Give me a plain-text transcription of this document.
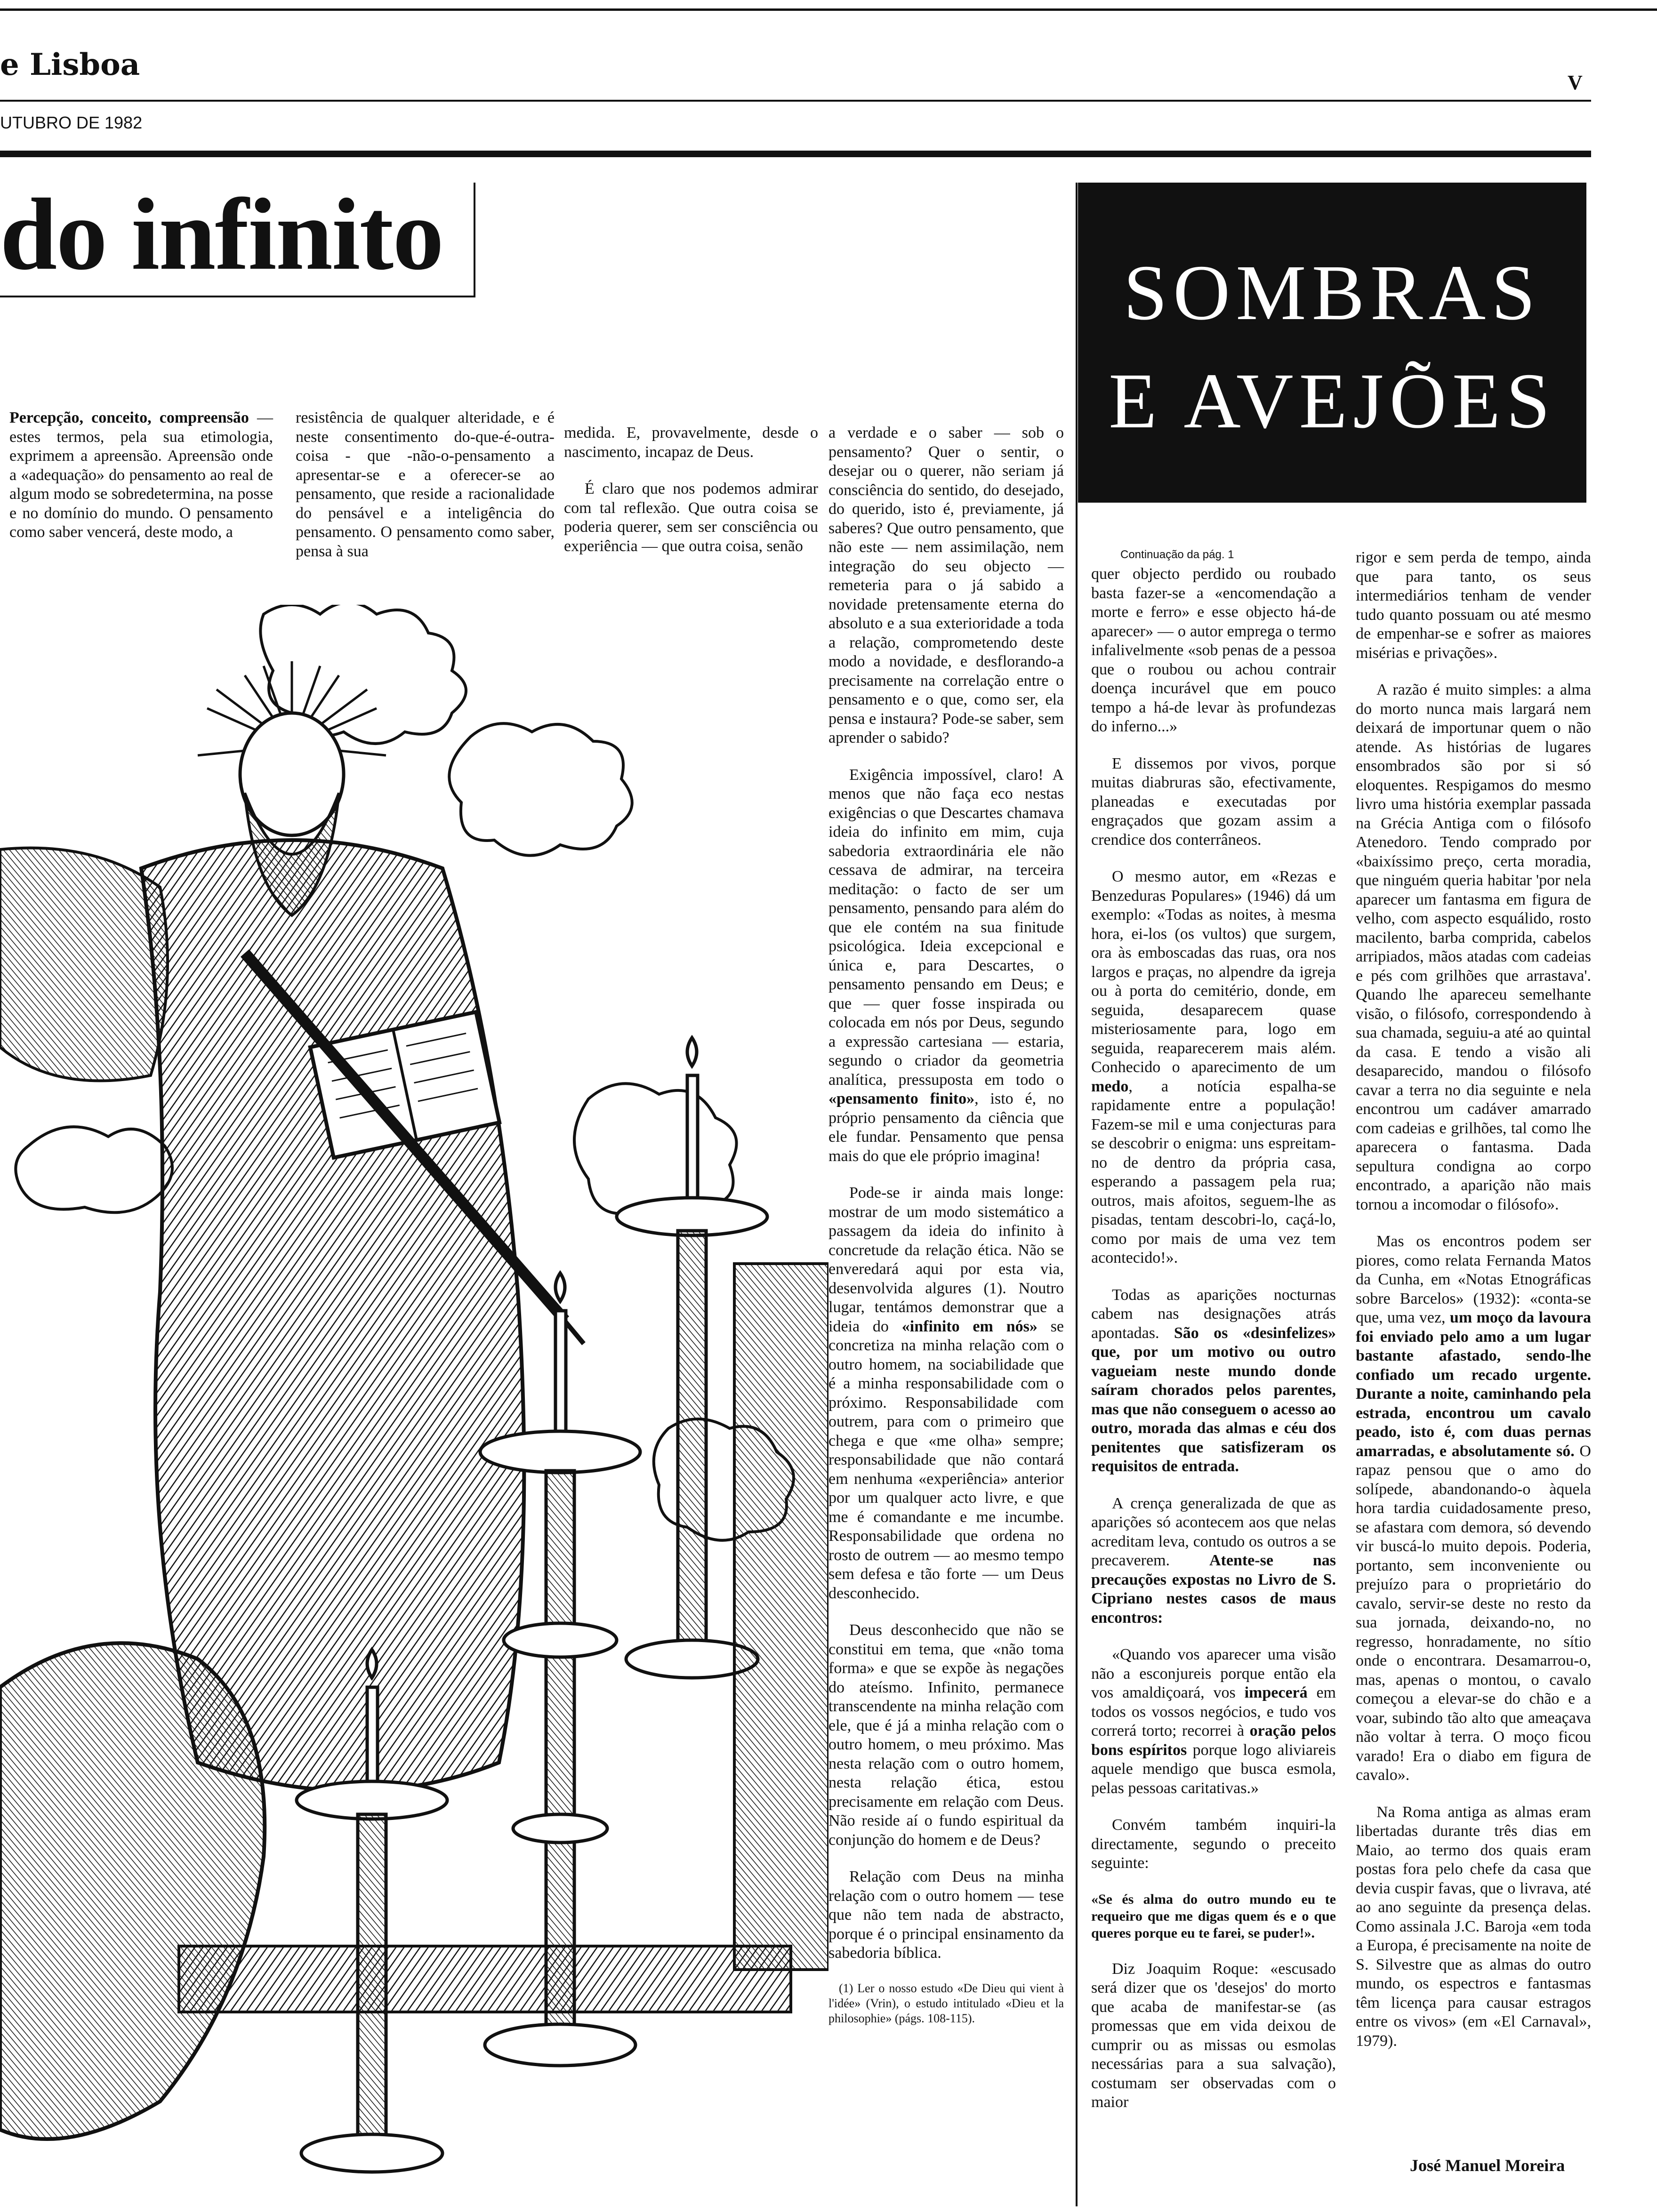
e Lisboa
V
UTUBRO DE 1982
do infinito

Percepção, conceito, compreensão — estes termos, pela sua etimologia, exprimem a apreensão. Apreensão onde a «adequação» do pensamento ao real de algum modo se sobredetermina, na posse e no domínio do mundo. O pensamento como saber vencerá, deste modo, a

resistência de qualquer alteridade, e é neste consentimento do-que-é-outra-coisa - que -não-o-pensamento a apresentar-se e a oferecer-se ao pensamento, que reside a racionalidade do pensável e a inteligência do pensamento. O pensamento como saber, pensa à sua

medida. E, provavelmente, desde o nascimento, incapaz de Deus.

É claro que nos podemos admirar com tal reflexão. Que outra coisa se poderia querer, sem ser consciência ou experiência — que outra coisa, senão

a verdade e o saber — sob o pensamento? Quer o sentir, o desejar ou o querer, não seriam já consciência do sentido, do desejado, do querido, isto é, previamente, já saberes? Que outro pensamento, que não este — nem assimilação, nem integração do seu objecto — remeteria para o já sabido a novidade pretensamente eterna do absoluto e a sua exterioridade a toda a relação, comprometendo deste modo a novidade, e desflorando-a precisamente na correlação entre o pensamento e o que, como ser, ela pensa e instaura? Pode-se saber, sem aprender o sabido?

Exigência impossível, claro! A menos que não faça eco nestas exigências o que Descartes chamava ideia do infinito em mim, cuja sabedoria extraordinária ele não cessava de admirar, na terceira meditação: o facto de ser um pensamento, pensando para além do que ele contém na sua finitude psicológica. Ideia excepcional e única e, para Descartes, o pensamento pensando em Deus; e que — quer fosse inspirada ou colocada em nós por Deus, segundo a expressão cartesiana — estaria, segundo o criador da geometria analítica, pressuposta em todo o «pensamento finito», isto é, no próprio pensamento da ciência que ele fundar. Pensamento que pensa mais do que ele próprio imagina!

Pode-se ir ainda mais longe: mostrar de um modo sistemático a passagem da ideia do infinito à concretude da relação ética. Não se enveredará aqui por esta via, desenvolvida algures (1). Noutro lugar, tentámos demonstrar que a ideia do «infinito em nós» se concretiza na minha relação com o outro homem, na sociabilidade que é a minha responsabilidade com o próximo. Responsabilidade com outrem, para com o primeiro que chega e que «me olha» sempre; responsabilidade que não contará em nenhuma «experiência» anterior por um qualquer acto livre, e que me é comandante e me incumbe. Responsabilidade que ordena no rosto de outrem — ao mesmo tempo sem defesa e tão forte — um Deus desconhecido.

Deus desconhecido que não se constitui em tema, que «não toma forma» e que se expõe às negações do ateísmo. Infinito, permanece transcendente na minha relação com ele, que é já a minha relação com o outro homem, o meu próximo. Mas nesta relação com o outro homem, nesta relação ética, estou precisamente em relação com Deus. Não reside aí o fundo espiritual da conjunção do homem e de Deus?

Relação com Deus na minha relação com o outro homem — tese que não tem nada de abstracto, porque é o principal ensinamento da sabedoria bíblica.

(1) Ler o nosso estudo «De Dieu qui vient à l'idée» (Vrin), o estudo intitulado «Dieu et la philosophie» (págs. 108-115).

SOMBRAS
E AVEJÕES
Continuação da pág. 1

quer objecto perdido ou roubado basta fazer-se a «encomendação a morte e ferro» e esse objecto há-de aparecer» — o autor emprega o termo infalivelmente «sob penas de a pessoa que o roubou ou achou contrair doença incurável que em pouco tempo a há-de levar às profundezas do inferno...»

E dissemos por vivos, porque muitas diabruras são, efectivamente, planeadas e executadas por engraçados que gozam assim a crendice dos conterrâneos.

O mesmo autor, em «Rezas e Benzeduras Populares» (1946) dá um exemplo: «Todas as noites, à mesma hora, ei-los (os vultos) que surgem, ora às emboscadas das ruas, ora nos largos e praças, no alpendre da igreja ou à porta do cemitério, donde, em seguida, desaparecem quase misteriosamente para, logo em seguida, reaparecerem mais além. Conhecido o aparecimento de um medo, a notícia espalha-se rapidamente entre a população! Fazem-se mil e uma conjecturas para se descobrir o enigma: uns espreitam-no de dentro da própria casa, esperando a passagem pela rua; outros, mais afoitos, seguem-lhe as pisadas, tentam descobri-lo, caçá-lo, como por mais de uma vez tem acontecido!».

Todas as aparições nocturnas cabem nas designações atrás apontadas. São os «desinfelizes» que, por um motivo ou outro vagueiam neste mundo donde saíram chorados pelos parentes, mas que não conseguem o acesso ao outro, morada das almas e céu dos penitentes que satisfizeram os requisitos de entrada.

A crença generalizada de que as aparições só acontecem aos que nelas acreditam leva, contudo os outros a se precaverem. Atente-se nas precauções expostas no Livro de S. Cipriano nestes casos de maus encontros:

«Quando vos aparecer uma visão não a esconjureis porque então ela vos amaldiçoará, vos impecerá em todos os vossos negócios, e tudo vos correrá torto; recorrei à oração pelos bons espíritos porque logo aliviareis aquele mendigo que busca esmola, pelas pessoas caritativas.»

Convém também inquiri-la directamente, segundo o preceito seguinte:

«Se és alma do outro mundo eu te requeiro que me digas quem és e o que queres porque eu te farei, se puder!».

Diz Joaquim Roque: «escusado será dizer que os 'desejos' do morto que acaba de manifestar-se (as promessas que em vida deixou de cumprir ou as missas ou esmolas necessárias para a sua salvação), costumam ser observadas com o maior

rigor e sem perda de tempo, ainda que para tanto, os seus intermediários tenham de vender tudo quanto possuam ou até mesmo de empenhar-se e sofrer as maiores misérias e privações».

A razão é muito simples: a alma do morto nunca mais largará nem deixará de importunar quem o não atende. As histórias de lugares ensombrados são por si só eloquentes. Respigamos do mesmo livro uma história exemplar passada na Grécia Antiga com o filósofo Atenedoro. Tendo comprado por «baixíssimo preço, certa moradia, que ninguém queria habitar 'por nela aparecer um fantasma em figura de velho, com aspecto esquálido, rosto macilento, barba comprida, cabelos arripiados, mãos atadas com cadeias e pés com grilhões que arrastava'. Quando lhe apareceu semelhante visão, o filósofo, correspondendo à sua chamada, seguiu-a até ao quintal da casa. E tendo a visão ali desaparecido, mandou o filósofo cavar a terra no dia seguinte e nela encontrou um cadáver amarrado com cadeias e grilhões, tal como lhe aparecera o fantasma. Dada sepultura condigna ao corpo encontrado, a aparição não mais tornou a incomodar o filósofo».

Mas os encontros podem ser piores, como relata Fernanda Matos da Cunha, em «Notas Etnográficas sobre Barcelos» (1932): «conta-se que, uma vez, um moço da lavoura foi enviado pelo amo a um lugar bastante afastado, sendo-lhe confiado um recado urgente. Durante a noite, caminhando pela estrada, encontrou um cavalo peado, isto é, com duas pernas amarradas, e absolutamente só. O rapaz pensou que o amo do solípede, abandonando-o àquela hora tardia cuidadosamente preso, se afastara com demora, só devendo vir buscá-lo muito depois. Poderia, portanto, sem inconveniente ou prejuízo para o proprietário do cavalo, servir-se deste no resto da sua jornada, deixando-no, no regresso, honradamente, no sítio onde o encontrara. Desamarrou-o, mas, apenas o montou, o cavalo começou a elevar-se do chão e a voar, subindo tão alto que ameaçava não voltar à terra. O moço ficou varado! Era o diabo em figura de cavalo».

Na Roma antiga as almas eram libertadas durante três dias em Maio, ao termo dos quais eram postas fora pelo chefe da casa que devia cuspir favas, que o livrava, até ao ano seguinte da presença delas. Como assinala J.C. Baroja «em toda a Europa, é precisamente na noite de S. Silvestre que as almas do outro mundo, os espectros e fantasmas têm licença para causar estragos entre os vivos» (em «El Carnaval», 1979).

José Manuel Moreira
